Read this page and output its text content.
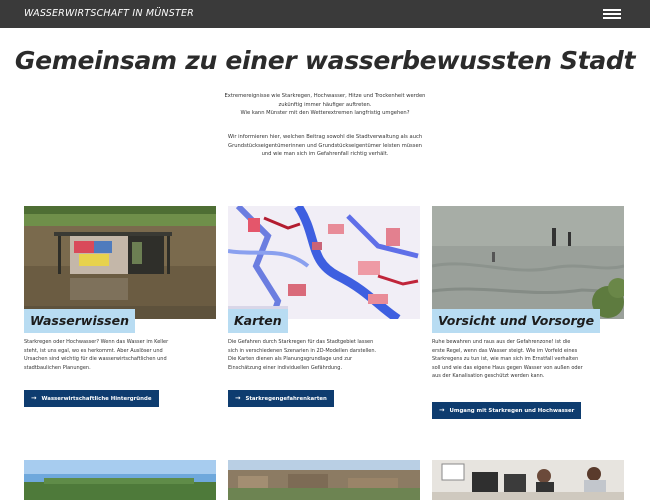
WASSERWIRTSCHAFT IN MÜNSTER
Gemeinsam zu einer wasserbewussten Stadt
Extremereignisse wie Starkregen, Hochwasser, Hitze und Trockenheit werden
zukünftig immer häufiger auftreten.
Wie kann Münster mit den Wetterextremen langfristig umgehen?
Wir informieren hier, welchen Beitrag sowohl die Stadtverwaltung als auch
Grundstückseigentümerinnen und Grundstückseigentümer leisten müssen
und wie man sich im Gefahrenfall richtig verhält.
Wasserwissen
Starkregen oder Hochwasser? Wenn das Wasser im Keller
steht, ist uns egal, wo es herkommt. Aber Auslöser und
Ursachen sind wichtig für die wasserwirtschaftlichen und
stadtbaulichen Planungen.
→ Wasserwirtschaftliche Hintergründe
Karten
Die Gefahren durch Starkregen für das Stadtgebiet lassen
sich in verschiedenen Szenarien in 2D-Modellen darstellen.
Die Karten dienen als Planungsgrundlage und zur
Einschätzung einer individuellen Gefährdung.
→ Starkregengefahrenkarten
Vorsicht und Vorsorge
Ruhe bewahren und raus aus der Gefahrenzone! ist die
erste Regel, wenn das Wasser steigt. Wie im Vorfeld eines
Starkregens zu tun ist, wie man sich im Ernstfall verhalten
soll und wie das eigene Haus gegen Wasser von außen oder
aus der Kanalisation geschützt werden kann.
→ Umgang mit Starkregen und Hochwasser
